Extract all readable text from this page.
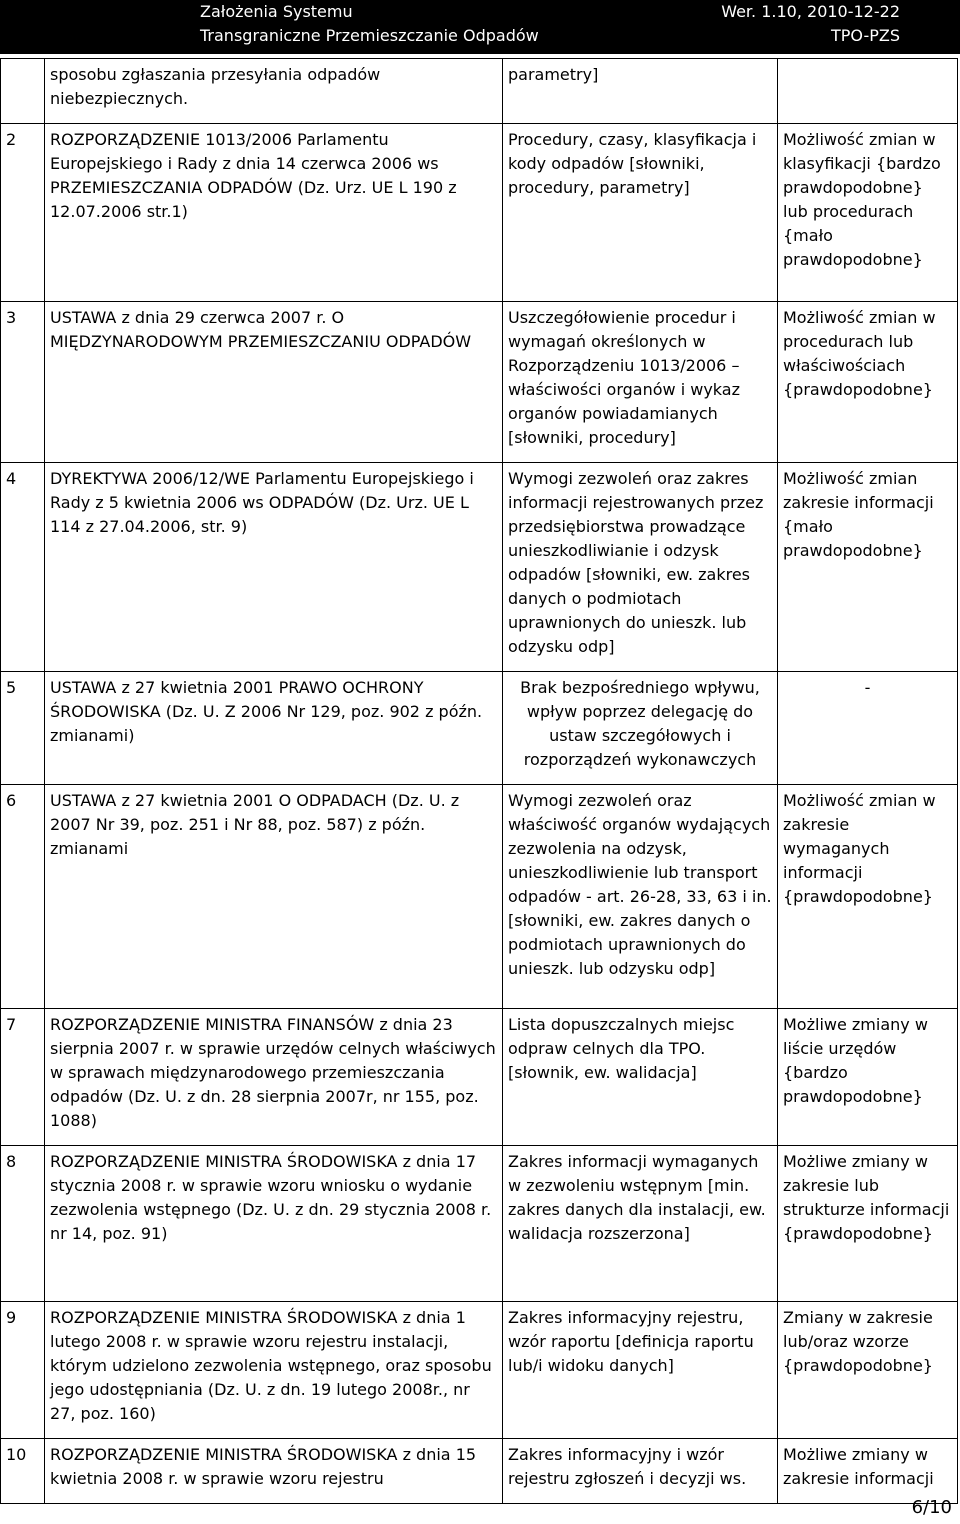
Założenia Systemu
Transgraniczne Przemieszczanie Odpadów
Wer. 1.10, 2010-12-22
TPO-PZS
	sposobu zgłaszania przesyłania odpadów niebezpiecznych.	parametry]	
2	ROZPORZĄDZENIE 1013/2006 Parlamentu Europejskiego i Rady z dnia 14 czerwca 2006 ws PRZEMIESZCZANIA ODPADÓW (Dz. Urz. UE L 190 z 12.07.2006 str.1)	Procedury, czasy, klasyfikacja i kody odpadów [słowniki, procedury, parametry]	Możliwość zmian w klasyfikacji {bardzo prawdopodobne} lub procedurach {mało prawdopodobne}
3	USTAWA z dnia 29 czerwca 2007 r. O MIĘDZYNARODOWYM PRZEMIESZCZANIU ODPADÓW	Uszczegółowienie procedur i wymagań określonych w Rozporządzeniu 1013/2006 – właściwości organów i wykaz organów powiadamianych [słowniki, procedury]	Możliwość zmian w procedurach lub właściwościach {prawdopodobne}
4	DYREKTYWA 2006/12/WE Parlamentu Europejskiego i Rady z 5 kwietnia 2006 ws ODPADÓW (Dz. Urz. UE L 114 z 27.04.2006, str. 9)	Wymogi zezwoleń oraz zakres informacji rejestrowanych przez przedsiębiorstwa prowadzące unieszkodliwianie i odzysk odpadów [słowniki, ew. zakres danych o podmiotach uprawnionych do unieszk. lub odzysku odp]	Możliwość zmian zakresie informacji {mało prawdopodobne}
5	USTAWA z 27 kwietnia 2001 PRAWO OCHRONY ŚRODOWISKA (Dz. U. Z 2006 Nr 129, poz. 902 z późn. zmianami)	Brak bezpośredniego wpływu, wpływ poprzez delegację do ustaw szczegółowych i rozporządzeń wykonawczych	-
6	USTAWA z 27 kwietnia 2001 O ODPADACH (Dz. U. z 2007 Nr 39, poz. 251 i Nr 88, poz. 587) z późn. zmianami	Wymogi zezwoleń oraz właściwość organów wydających zezwolenia na odzysk, unieszkodliwienie lub transport odpadów - art. 26-28, 33, 63 i in. [słowniki, ew. zakres danych o podmiotach uprawnionych do unieszk. lub odzysku odp]	Możliwość zmian w zakresie wymaganych informacji {prawdopodobne}
7	ROZPORZĄDZENIE MINISTRA FINANSÓW z dnia 23 sierpnia 2007 r. w sprawie urzędów celnych właściwych w sprawach międzynarodowego przemieszczania odpadów (Dz. U. z dn. 28 sierpnia 2007r, nr 155, poz. 1088)	Lista dopuszczalnych miejsc odpraw celnych dla TPO. [słownik, ew. walidacja]	Możliwe zmiany w liście urzędów {bardzo prawdopodobne}
8	ROZPORZĄDZENIE MINISTRA ŚRODOWISKA z dnia 17 stycznia 2008 r. w sprawie wzoru wniosku o wydanie zezwolenia wstępnego (Dz. U. z dn. 29 stycznia 2008 r. nr 14, poz. 91)	Zakres informacji wymaganych w zezwoleniu wstępnym [min. zakres danych dla instalacji, ew. walidacja rozszerzona]	Możliwe zmiany w zakresie lub strukturze informacji {prawdopodobne}
9	ROZPORZĄDZENIE MINISTRA ŚRODOWISKA z dnia 1 lutego 2008 r. w sprawie wzoru rejestru instalacji, którym udzielono zezwolenia wstępnego, oraz sposobu jego udostępniania (Dz. U. z dn. 19 lutego 2008r., nr 27, poz. 160)	Zakres informacyjny rejestru, wzór raportu [definicja raportu lub/i widoku danych]	Zmiany w zakresie lub/oraz wzorze {prawdopodobne}
10	ROZPORZĄDZENIE MINISTRA ŚRODOWISKA z dnia 15 kwietnia 2008 r. w sprawie wzoru rejestru	Zakres informacyjny i wzór rejestru zgłoszeń i decyzji ws.	Możliwe zmiany w zakresie informacji
6/10
